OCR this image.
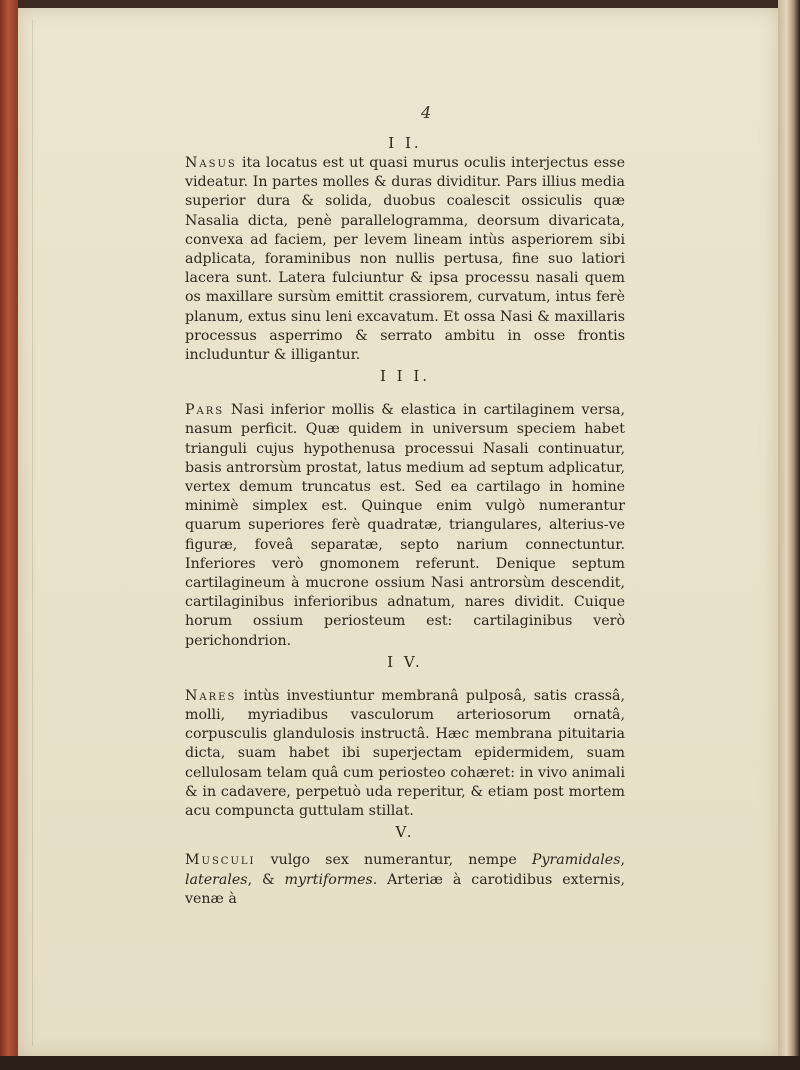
4
I I.

Nasus ita locatus est ut quasi murus oculis interjectus esse videatur. In partes molles & duras dividitur. Pars illius media superior dura & solida, duobus coalescit ossiculis quæ Nasalia dicta, penè parallelogramma, deorsum divaricata, convexa ad faciem, per levem lineam intùs asperiorem sibi adplicata, foraminibus non nullis pertusa, fine suo latiori lacera sunt. Latera fulciuntur & ipsa processu nasali quem os maxillare sursùm emittit crassiorem, curvatum, intus ferè planum, extus sinu leni excavatum. Et ossa Nasi & maxillaris processus asperrimo & serrato ambitu in osse frontis includuntur & illigantur.

I I I.

Pars Nasi inferior mollis & elastica in cartilaginem versa, nasum perficit. Quæ quidem in universum speciem habet trianguli cujus hypothenusa processui Nasali continuatur, basis antrorsùm prostat, latus medium ad septum adplicatur, vertex demum truncatus est. Sed ea cartilago in homine minimè simplex est. Quinque enim vulgò numerantur quarum superiores ferè quadratæ, triangulares, alterius-ve figuræ, foveâ separatæ, septo narium connectuntur. Inferiores verò gnomonem referunt. Denique septum cartilagineum à mucrone ossium Nasi antrorsùm descendit, cartilaginibus inferioribus adnatum, nares dividit. Cuique horum ossium periosteum est: cartilaginibus verò perichondrion.

I V.

Nares intùs investiuntur membranâ pulposâ, satis crassâ, molli, myriadibus vasculorum arteriosorum ornatâ, corpusculis glandulosis instructâ. Hæc membrana pituitaria dicta, suam habet ibi superjectam epidermidem, suam cellulosam telam quâ cum periosteo cohæret: in vivo animali & in cadavere, perpetuò uda reperitur, & etiam post mortem acu compuncta guttulam stillat.

V.

Musculi vulgo sex numerantur, nempe Pyramidales, laterales, & myrtiformes. Arteriæ à carotidibus externis, venæ à
